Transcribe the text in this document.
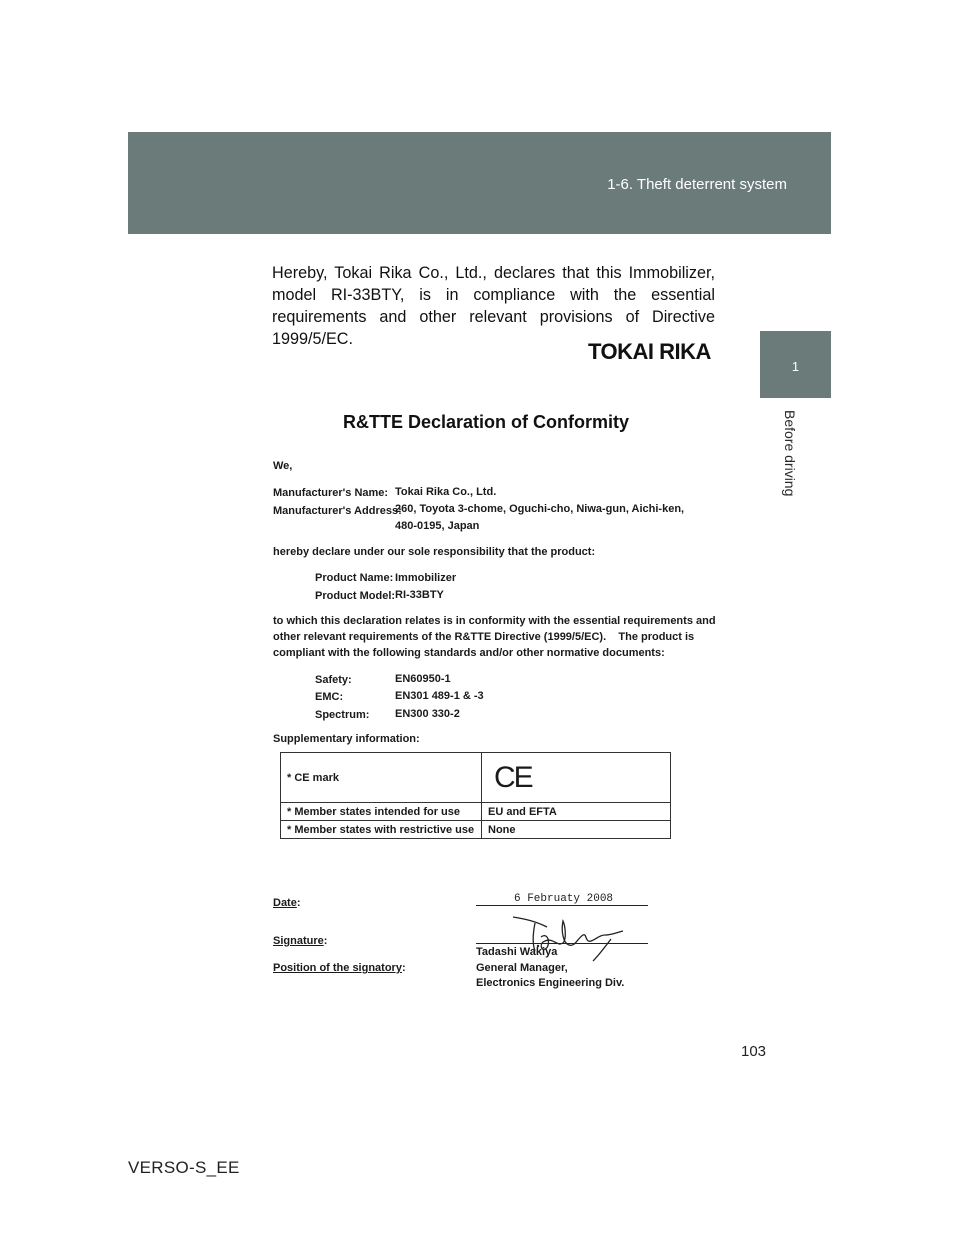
1-6. Theft deterrent system
1
Before driving
Hereby, Tokai Rika Co., Ltd., declares that this Immobilizer, model RI-33BTY, is in compliance with the essential requirements and other relevant provisions of Directive 1999/5/EC.	TOKAI RIKA
R&TTE Declaration of Conformity
We,
Manufacturer's Name: Tokai Rika Co., Ltd.
Manufacturer's Address:
260, Toyota 3-chome, Oguchi-cho, Niwa-gun, Aichi-ken,
480-0195, Japan
hereby declare under our sole responsibility that the product:
Product Name: Immobilizer
Product Model: RI-33BTY
to which this declaration relates is in conformity with the essential requirements and
other relevant requirements of the R&TTE Directive (1999/5/EC).    The product is
compliant with the following standards and/or other normative documents:
Safety:	EN60950-1
EMC:	EN301 489-1 & -3
Spectrum: EN300 330-2
Supplementary information:
* CE mark	CE
* Member states intended for use	EU and EFTA
* Member states with restrictive use	None
Date:	6 Februaty 2008
Signature:
Tadashi Wakiya
Position of the signatory:	General Manager,
Electronics Engineering Div.
103
VERSO-S_EE
